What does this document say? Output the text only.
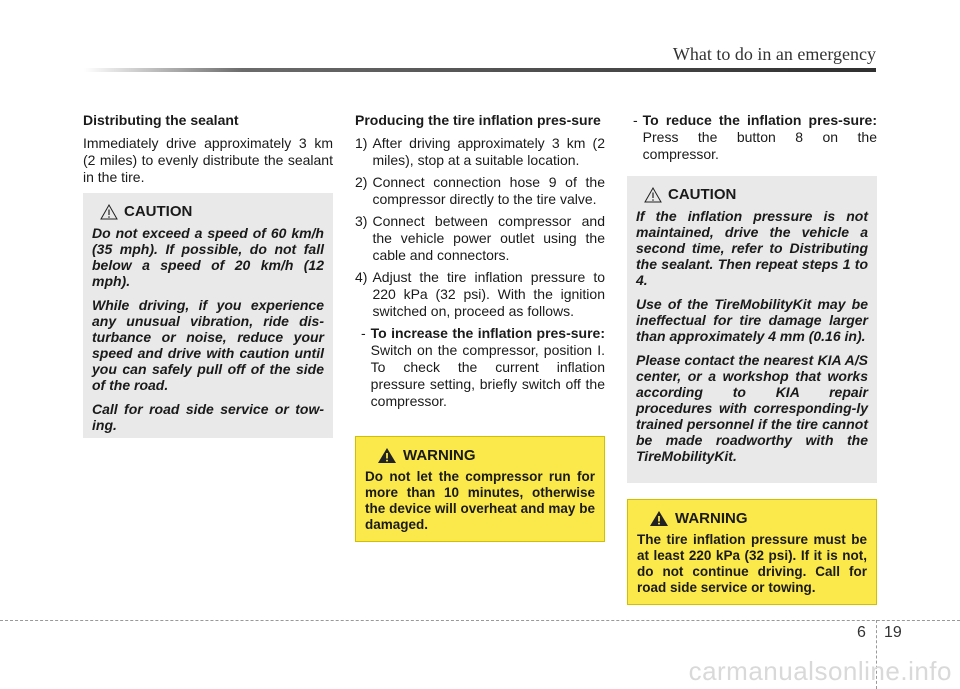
What to do in an emergency
Distributing the sealant

Immediately drive approximately 3 km (2 miles) to evenly distribute the sealant in the tire.

CAUTION

Do not exceed a speed of 60 km/h (35 mph). If possible, do not fall below a speed of 20 km/h (12 mph).

While driving, if you experience any unusual vibration, ride dis-turbance or noise, reduce your speed and drive with caution until you can safely pull off of the side of the road.

Call for road side service or tow-ing.

Producing the tire inflation pres-sure
1) After driving approximately 3 km (2 miles), stop at a suitable location.
2) Connect connection hose 9 of the compressor directly to the tire valve.
3) Connect between compressor and the vehicle power outlet using the cable and connectors.
4) Adjust the tire inflation pressure to 220 kPa (32 psi). With the ignition switched on, proceed as follows.
- To increase the inflation pres-sure: Switch on the compressor, position I. To check the current inflation pressure setting, briefly switch off the compressor.
WARNING

Do not let the compressor run for more than 10 minutes, otherwise the device will overheat and may be damaged.

- To reduce the inflation pres-sure: Press the button 8 on the compressor.
CAUTION

If the inflation pressure is not maintained, drive the vehicle a second time, refer to Distributing the sealant. Then repeat steps 1 to 4.

Use of the TireMobilityKit may be ineffectual for tire damage larger than approximately 4 mm (0.16 in).

Please contact the nearest KIA A/S center, or a workshop that works according to KIA repair procedures with corresponding-ly trained personnel if the tire cannot be made roadworthy with the TireMobilityKit.

WARNING

The tire inflation pressure must be at least 220 kPa (32 psi). If it is not, do not continue driving. Call for road side service or towing.

6 19
carmanualsonline.info
